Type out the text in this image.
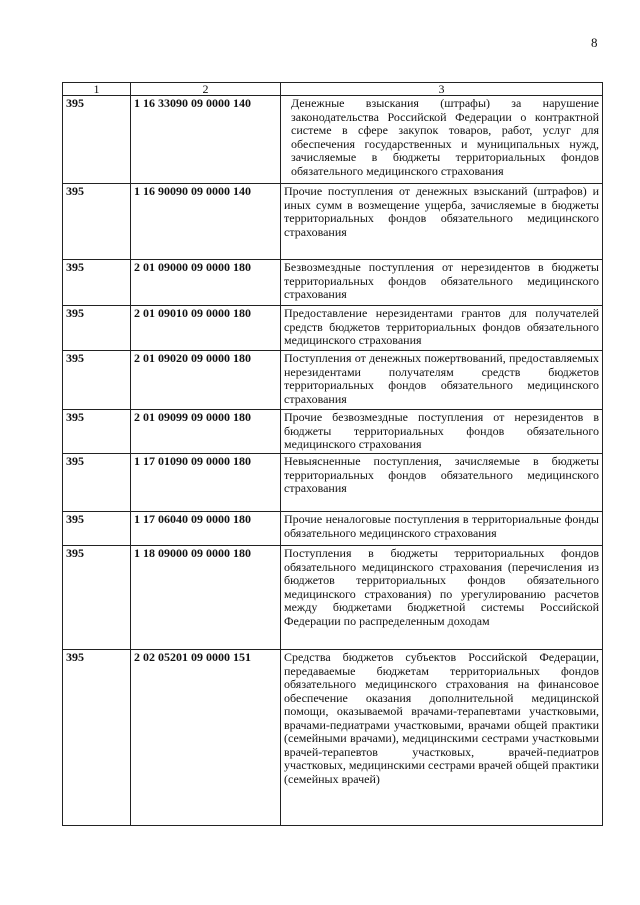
8
1	2	3
395	1 16 33090 09 0000 140	Денежные взыскания (штрафы) за нарушение законодательства Российской Федерации о контрактной системе в сфере закупок товаров, работ, услуг для обеспечения государственных и муниципальных нужд, зачисляемые в бюджеты территориальных фондов обязательного медицинского страхования
395	1 16 90090 09 0000 140	Прочие поступления от денежных взысканий (штрафов) и иных сумм в возмещение ущерба, зачисляемые в бюджеты территориальных фондов обязательного медицинского страхования
395	2 01 09000 09 0000 180	Безвозмездные поступления от нерезидентов в бюджеты территориальных фондов обязательного медицинского страхования
395	2 01 09010 09 0000 180	Предоставление нерезидентами грантов для получателей средств бюджетов территориальных фондов обязательного медицинского страхования
395	2 01 09020 09 0000 180	Поступления от денежных пожертвований, предоставляемых нерезидентами получателям средств бюджетов территориальных фондов обязательного медицинского страхования
395	2 01 09099 09 0000 180	Прочие безвозмездные поступления от нерезидентов в бюджеты территориальных фондов обязательного медицинского страхования
395	1 17 01090 09 0000 180	Невыясненные поступления, зачисляемые в бюджеты территориальных фондов обязательного медицинского страхования
395	1 17 06040 09 0000 180	Прочие неналоговые поступления в территориальные фонды обязательного медицинского страхования
395	1 18 09000 09 0000 180	Поступления в бюджеты территориальных фондов обязательного медицинского страхования (перечисления из бюджетов территориальных фондов обязательного медицинского страхования) по урегулированию расчетов между бюджетами бюджетной системы Российской Федерации по распределенным доходам
395	2 02 05201 09 0000 151	Средства бюджетов субъектов Российской Федерации, передаваемые бюджетам территориальных фондов обязательного медицинского страхования на финансовое обеспечение оказания дополнительной медицинской помощи, оказываемой врачами-терапевтами участковыми, врачами-педиатрами участковыми, врачами общей практики (семейными врачами), медицинскими сестрами участковыми врачей-терапевтов участковых, врачей-педиатров участковых, медицинскими сестрами врачей общей практики (семейных врачей)
